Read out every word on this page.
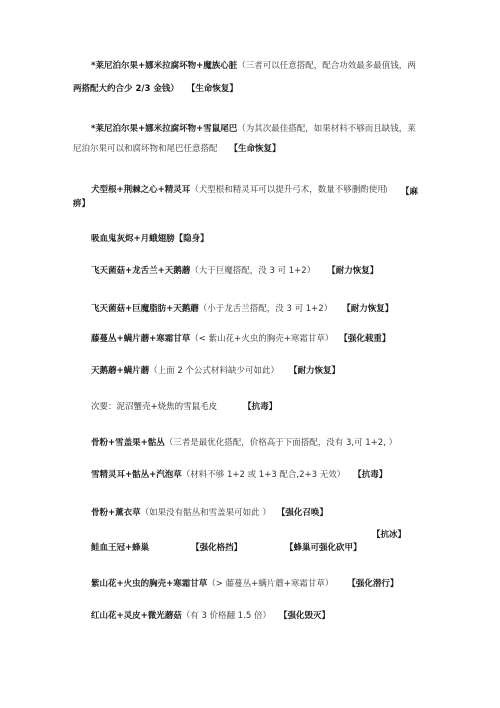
*莱尼泊尔果+娜米拉腐坏物+魔族心脏（三者可以任意搭配，配合功效最多最值钱，两
两搭配大约合少 2/3 金钱） 【生命恢复】
*莱尼泊尔果+娜米拉腐坏物+雪鼠尾巴（为其次最佳搭配，如果材料不够而且缺钱，莱
尼泊尔果可以和腐坏物和尾巴任意搭配 【生命恢复】
犬型根+荆棘之心+精灵耳（犬型根和精灵耳可以提升弓术，数量不够删酌使用
） 【麻
痹】
吸血鬼灰烬+月蛾翅膀【隐身】
飞天菌菇+龙舌兰+天鹅蘑（大于巨魔搭配，没 3 可 1+2） 【耐力恢复】
飞天菌菇+巨魔脂肪+天鹅蘑（小于龙舌兰搭配，没 3 可 1+2） 【耐力恢复】
藤蔓丛+螨片蘑+寒霜甘草（< 紫山花+火虫的胸壳+寒霜甘草） 【强化载重】
天鹅蘑+螨片蘑（上面 2 个公式材料缺少可如此） 【耐力恢复】
次要：泥沼蟹壳+烧焦的雪鼠毛皮	【抗毒】
骨粉+雪盖果+骷丛（三者是最优化搭配，价格高于下面搭配，没有 3,可 1+2, ）
雪精灵耳+骷丛+汽泡草（材料不够 1+2 或 1+3 配合,2+3 无效） 【抗毒】
骨粉+薰衣草（如果没有骷丛和雪盖果可如此 ） 【强化召唤】
【抗冰】
鲑血王冠+蜂巢	【强化格挡】	【蜂巢可强化砍甲】
紫山花+火虫的胸壳+寒霜甘草（> 藤蔓丛+螨片蘑+寒霜甘草） 【强化潜行】
红山花+灵皮+微光蘑菇（有 3 价格翻 1.5 倍） 【强化毁灭】
